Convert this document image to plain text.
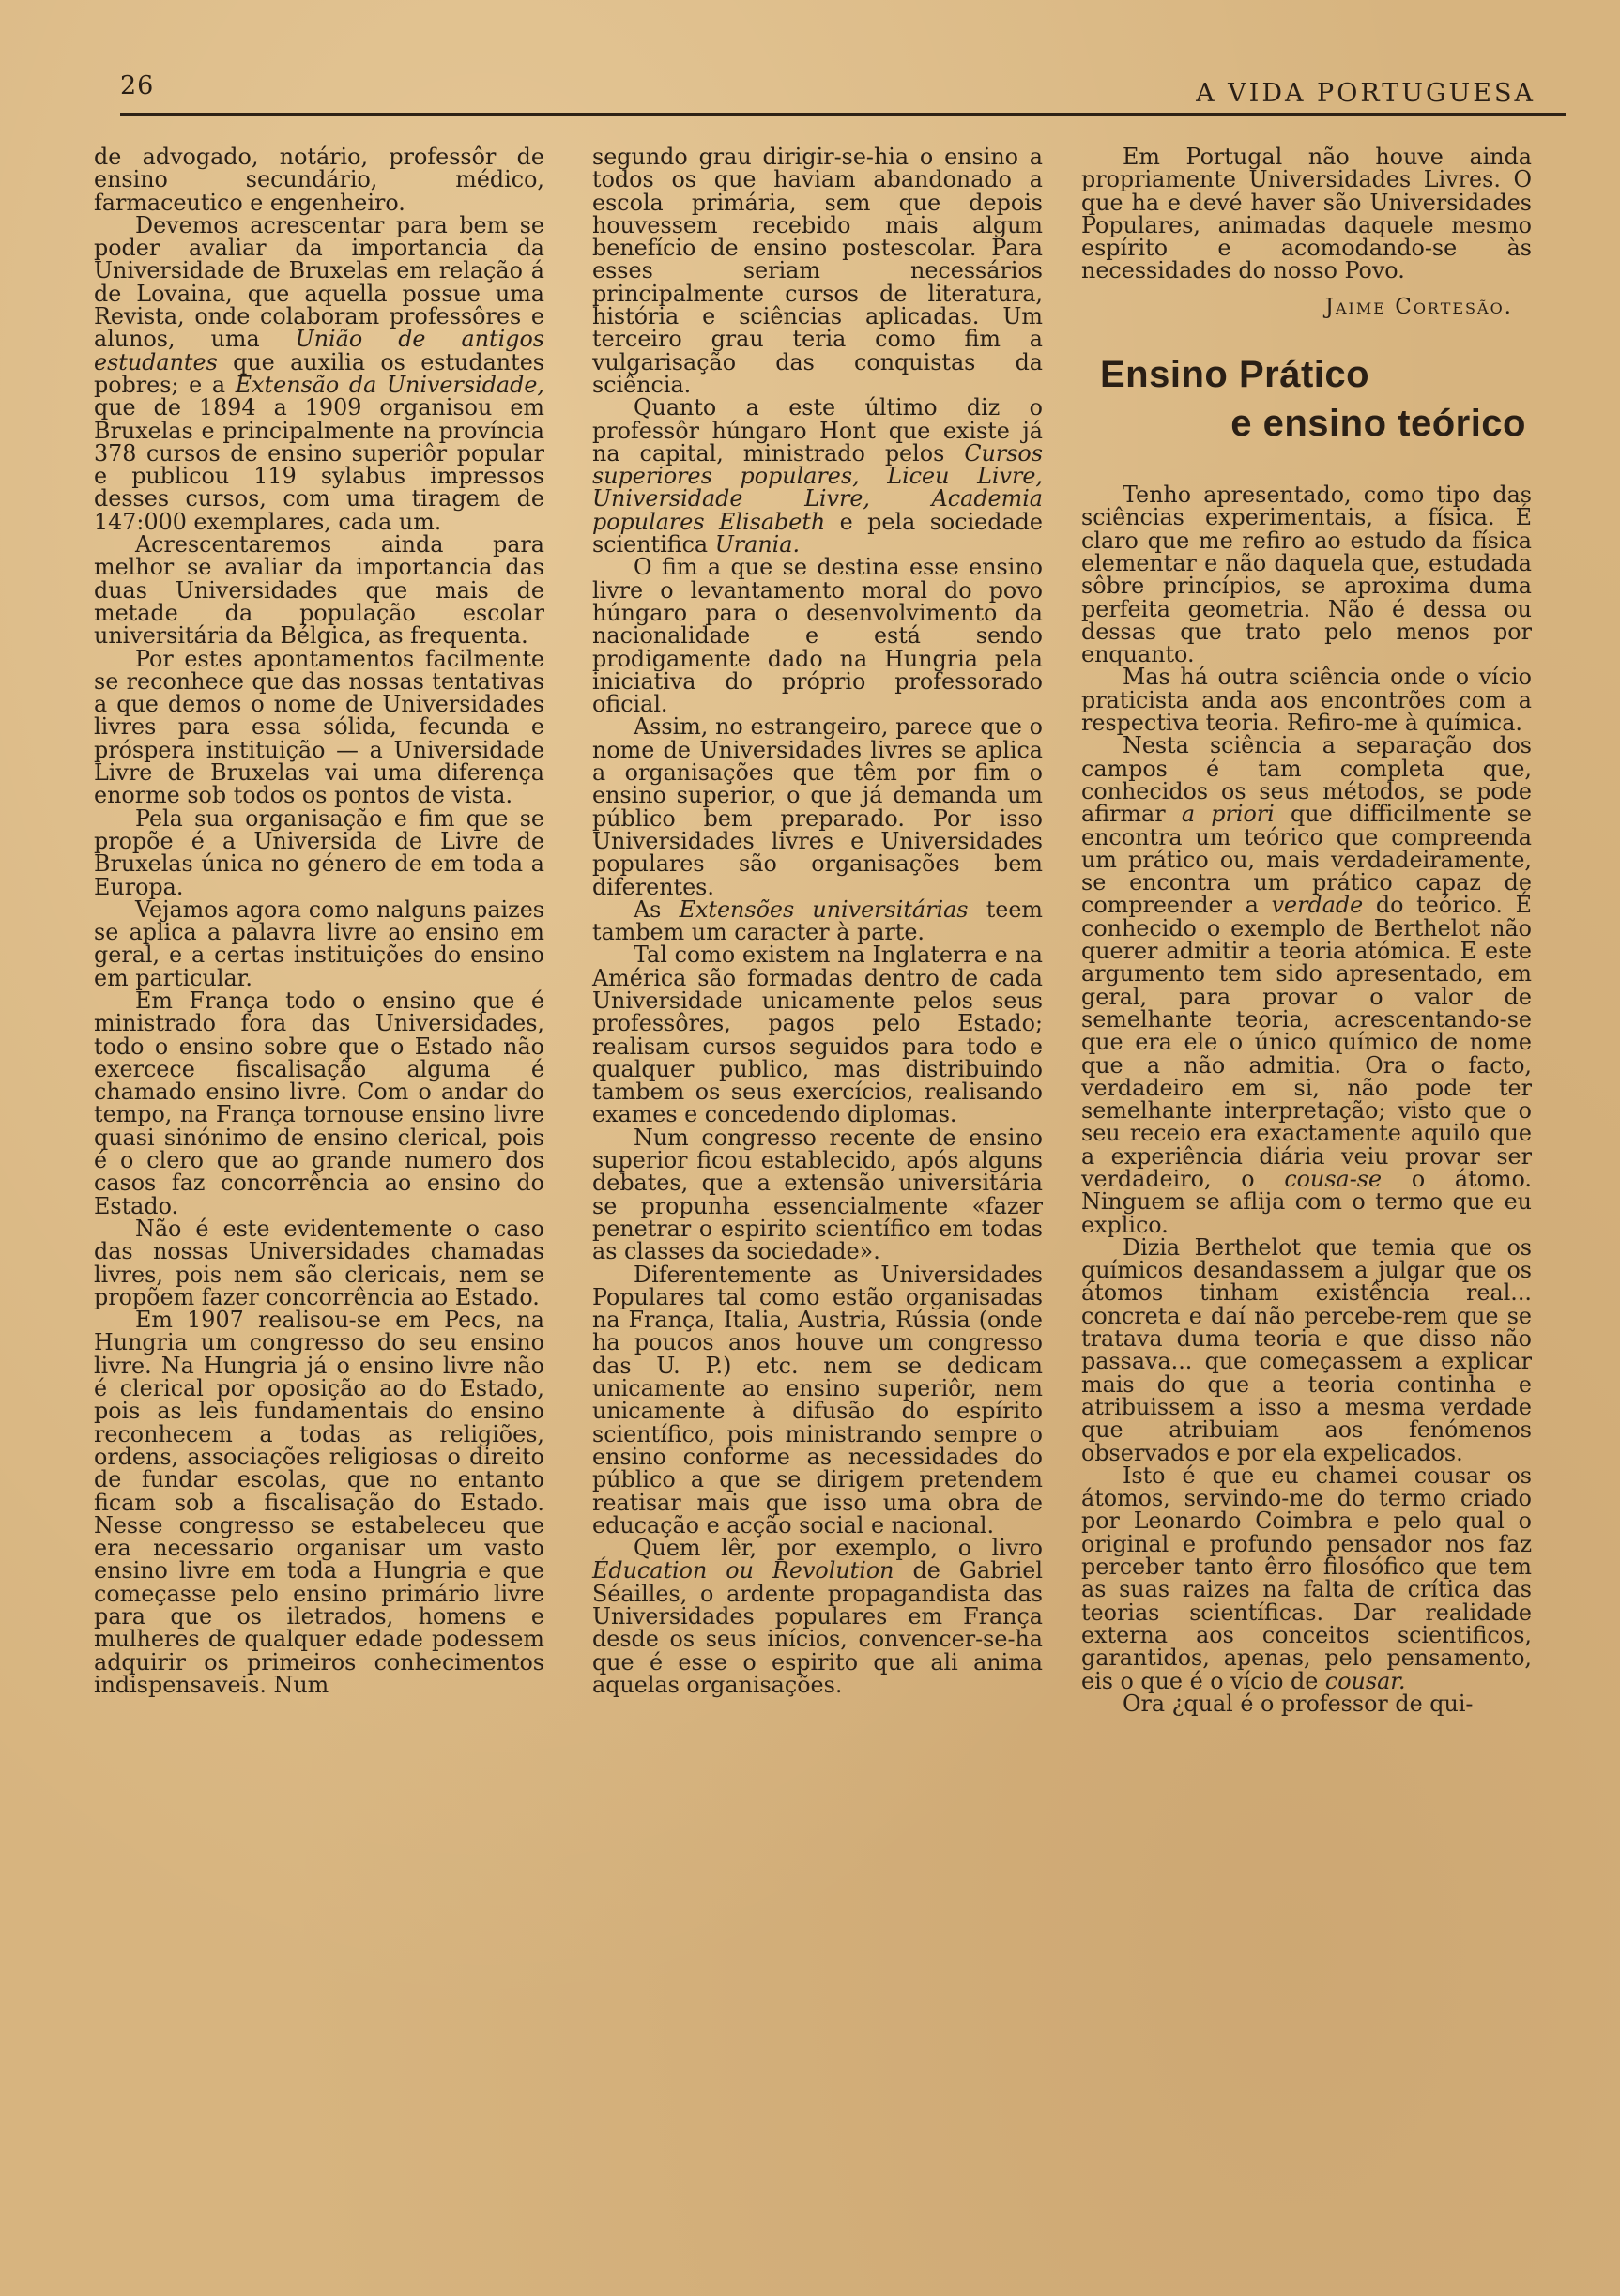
26	A VIDA PORTUGUESA

de advogado, notário, professôr de ensino secundário, médico, farmaceutico e engenheiro.

Devemos acrescentar para bem se poder avaliar da importancia da Universidade de Bruxelas em relação á de Lovaina, que aquella possue uma Revista, onde colaboram professôres e alunos, uma União de antigos estudantes que auxilia os estudantes pobres; e a Extensão da Universidade, que de 1894 a 1909 organisou em Bruxelas e principalmente na província 378 cursos de ensino superiôr popular e publicou 119 sylabus impressos desses cursos, com uma tiragem de 147:000 exemplares, cada um.

Acrescentaremos ainda para melhor se avaliar da importancia das duas Universidades que mais de metade da população escolar universitária da Bélgica, as frequenta.

Por estes apontamentos facilmente se reconhece que das nossas tentativas a que demos o nome de Universidades livres para essa sólida, fecunda e próspera instituição — a Universidade Livre de Bruxelas vai uma diferença enorme sob todos os pontos de vista.

Pela sua organisação e fim que se propõe é a Universida de Livre de Bruxelas única no género de em toda a Europa.

Vejamos agora como nalguns paizes se aplica a palavra livre ao ensino em geral, e a certas instituições do ensino em particular.

Em França todo o ensino que é ministrado fora das Universidades, todo o ensino sobre que o Estado não exercece fiscalisação alguma é chamado ensino livre. Com o andar do tempo, na França tornouse ensino livre quasi sinónimo de ensino clerical, pois é o clero que ao grande numero dos casos faz concorrência ao ensino do Estado.

Não é este evidentemente o caso das nossas Universidades chamadas livres, pois nem são clericais, nem se propõem fazer concorrência ao Estado.

Em 1907 realisou-se em Pecs, na Hungria um congresso do seu ensino livre. Na Hungria já o ensino livre não é clerical por oposição ao do Estado, pois as leis fundamentais do ensino reconhecem a todas as religiões, ordens, associações religiosas o direito de fundar escolas, que no entanto ficam sob a fiscalisação do Estado. Nesse congresso se estabeleceu que era necessario organisar um vasto ensino livre em toda a Hungria e que começasse pelo ensino primário livre para que os iletrados, homens e mulheres de qualquer edade podessem adquirir os primeiros conhecimentos indispensaveis. Num

segundo grau dirigir-se-hia o ensino a todos os que haviam abandonado a escola primária, sem que depois houvessem recebido mais algum benefício de ensino postescolar. Para esses seriam necessários principalmente cursos de literatura, história e sciências aplicadas. Um terceiro grau teria como fim a vulgarisação das conquistas da sciência.

Quanto a este último diz o professôr húngaro Hont que existe já na capital, ministrado pelos Cursos superiores populares, Liceu Livre, Universidade Livre, Academia populares Elisabeth e pela sociedade scientifica Urania.

O fim a que se destina esse ensino livre o levantamento moral do povo húngaro para o desenvolvimento da nacionalidade e está sendo prodigamente dado na Hungria pela iniciativa do próprio professorado oficial.

Assim, no estrangeiro, parece que o nome de Universidades livres se aplica a organisações que têm por fim o ensino superior, o que já demanda um público bem preparado. Por isso Universidades livres e Universidades populares são organisações bem diferentes.

As Extensões universitárias teem tambem um caracter à parte.

Tal como existem na Inglaterra e na América são formadas dentro de cada Universidade unicamente pelos seus professôres, pagos pelo Estado; realisam cursos seguidos para todo e qualquer publico, mas distribuindo tambem os seus exercícios, realisando exames e concedendo diplomas.

Num congresso recente de ensino superior ficou establecido, após alguns debates, que a extensão universitária se propunha essencialmente «fazer penetrar o espirito scientífico em todas as classes da sociedade».

Diferentemente as Universidades Populares tal como estão organisadas na França, Italia, Austria, Rússia (onde ha poucos anos houve um congresso das U. P.) etc. nem se dedicam unicamente ao ensino superiôr, nem unicamente à difusão do espírito scientífico, pois ministrando sempre o ensino conforme as necessidades do público a que se dirigem pretendem reatisar mais que isso uma obra de educação e acção social e nacional.

Quem lêr, por exemplo, o livro Éducation ou Revolution de Gabriel Séailles, o ardente propagandista das Universidades populares em França desde os seus inícios, convencer-se-ha que é esse o espirito que ali anima aquelas organisações.

Em Portugal não houve ainda propriamente Universidades Livres. O que ha e devé haver são Universidades Populares, animadas daquele mesmo espírito e acomodando-se às necessidades do nosso Povo.

Jaime Cortesão.
Ensino Prático
e ensino teórico

Tenho apresentado, como tipo das sciências experimentais, a física. É claro que me refiro ao estudo da física elementar e não daquela que, estudada sôbre princípios, se aproxima duma perfeita geometria. Não é dessa ou dessas que trato pelo menos por enquanto.

Mas há outra sciência onde o vício praticista anda aos encontrões com a respectiva teoria. Refiro-me à química.

Nesta sciência a separação dos campos é tam completa que, conhecidos os seus métodos, se pode afirmar a priori que difficilmente se encontra um teórico que compreenda um prático ou, mais verdadeiramente, se encontra um prático capaz de compreender a verdade do teórico. É conhecido o exemplo de Berthelot não querer admitir a teoria atómica. E este argumento tem sido apresentado, em geral, para provar o valor de semelhante teoria, acrescentando-se que era ele o único químico de nome que a não admitia. Ora o facto, verdadeiro em si, não pode ter semelhante interpretação; visto que o seu receio era exactamente aquilo que a experiência diária veiu provar ser verdadeiro, o cousa-se o átomo. Ninguem se aflija com o termo que eu explico.

Dizia Berthelot que temia que os químicos desandassem a julgar que os átomos tinham existência real... concreta e daí não percebe-rem que se tratava duma teoria e que disso não passava... que começassem a explicar mais do que a teoria continha e atribuissem a isso a mesma verdade que atribuiam aos fenómenos observados e por ela expelicados.

Isto é que eu chamei cousar os átomos, servindo-me do termo criado por Leonardo Coimbra e pelo qual o original e profundo pensador nos faz perceber tanto êrro filosófico que tem as suas raizes na falta de crítica das teorias scientíficas. Dar realidade externa aos conceitos scientificos, garantidos, apenas, pelo pensamento, eis o que é o vício de cousar.

Ora ¿qual é o professor de qui-
